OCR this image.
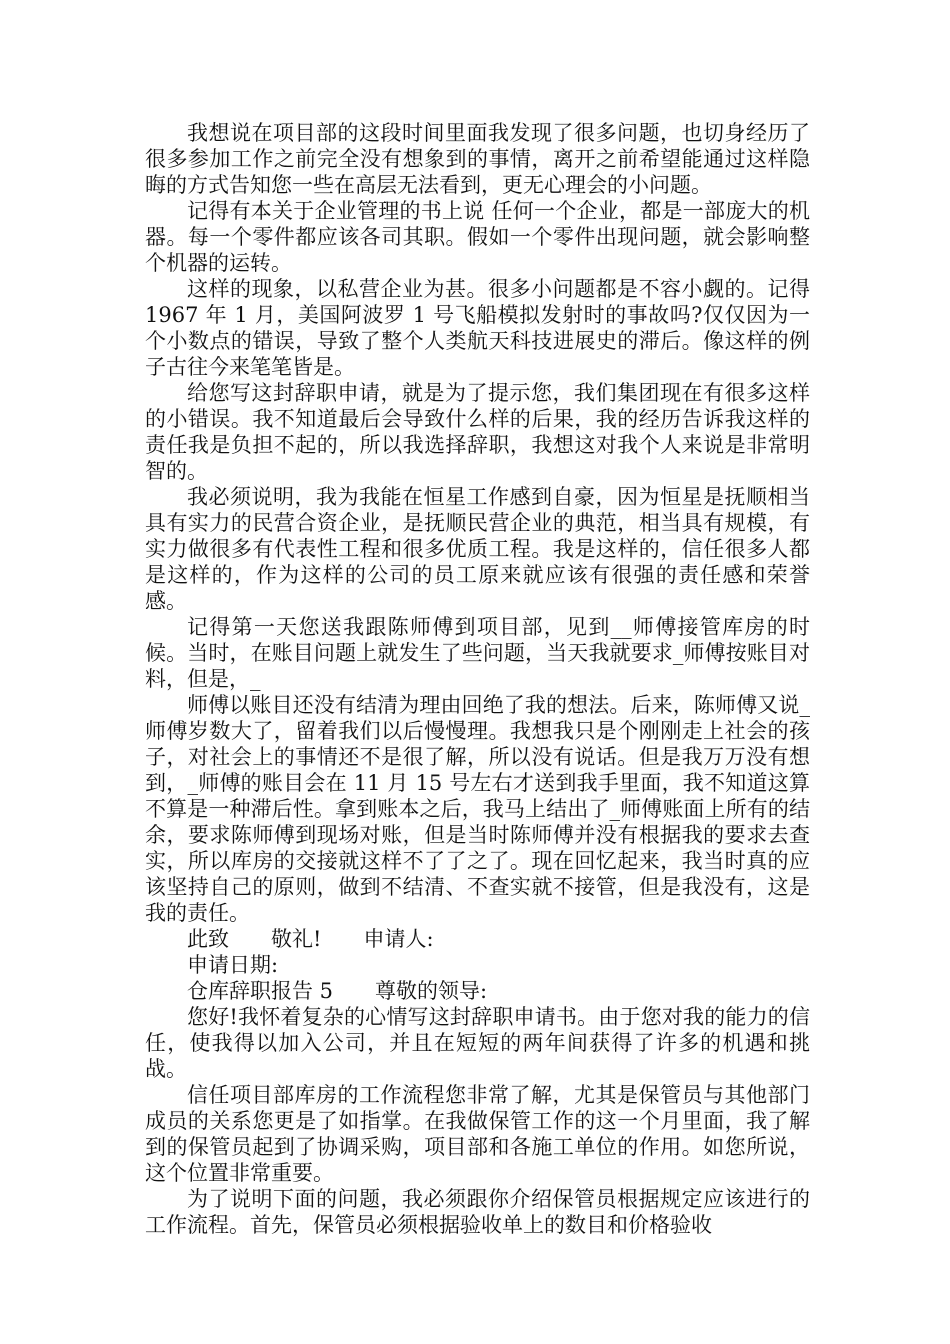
我想说在项目部的这段时间里面我发现了很多问题，也切身经历了很多参加工作之前完全没有想象到的事情，离开之前希望能通过这样隐晦的方式告知您一些在高层无法看到，更无心理会的小问题。

记得有本关于企业管理的书上说 任何一个企业，都是一部庞大的机器。每一个零件都应该各司其职。假如一个零件出现问题，就会影响整个机器的运转。

这样的现象，以私营企业为甚。很多小问题都是不容小觑的。记得 1967 年 1 月，美国阿波罗 1 号飞船模拟发射时的事故吗?仅仅因为一个小数点的错误，导致了整个人类航天科技进展史的滞后。像这样的例子古往今来笔笔皆是。

给您写这封辞职申请，就是为了提示您，我们集团现在有很多这样的小错误。我不知道最后会导致什么样的后果，我的经历告诉我这样的责任我是负担不起的，所以我选择辞职，我想这对我个人来说是非常明智的。

我必须说明，我为我能在恒星工作感到自豪，因为恒星是抚顺相当具有实力的民营合资企业，是抚顺民营企业的典范，相当具有规模，有实力做很多有代表性工程和很多优质工程。我是这样的，信任很多人都是这样的，作为这样的公司的员工原来就应该有很强的责任感和荣誉感。

记得第一天您送我跟陈师傅到项目部，见到__师傅接管库房的时候。当时，在账目问题上就发生了些问题，当天我就要求_师傅按账目对料，但是，_

师傅以账目还没有结清为理由回绝了我的想法。后来，陈师傅又说_师傅岁数大了，留着我们以后慢慢理。我想我只是个刚刚走上社会的孩子，对社会上的事情还不是很了解，所以没有说话。但是我万万没有想到，_师傅的账目会在 11 月 15 号左右才送到我手里面，我不知道这算不算是一种滞后性。拿到账本之后，我马上结出了_师傅账面上所有的结余，要求陈师傅到现场对账，但是当时陈师傅并没有根据我的要求去查实，所以库房的交接就这样不了了之了。现在回忆起来，我当时真的应该坚持自己的原则，做到不结清、不查实就不接管，但是我没有，这是我的责任。

此致　　敬礼!　　申请人:

申请日期:

仓库辞职报告 5　　尊敬的领导:

您好!我怀着复杂的心情写这封辞职申请书。由于您对我的能力的信任，使我得以加入公司，并且在短短的两年间获得了许多的机遇和挑战。

信任项目部库房的工作流程您非常了解，尤其是保管员与其他部门成员的关系您更是了如指掌。在我做保管工作的这一个月里面，我了解到的保管员起到了协调采购，项目部和各施工单位的作用。如您所说，这个位置非常重要。

为了说明下面的问题，我必须跟你介绍保管员根据规定应该进行的工作流程。首先，保管员必须根据验收单上的数目和价格验收
